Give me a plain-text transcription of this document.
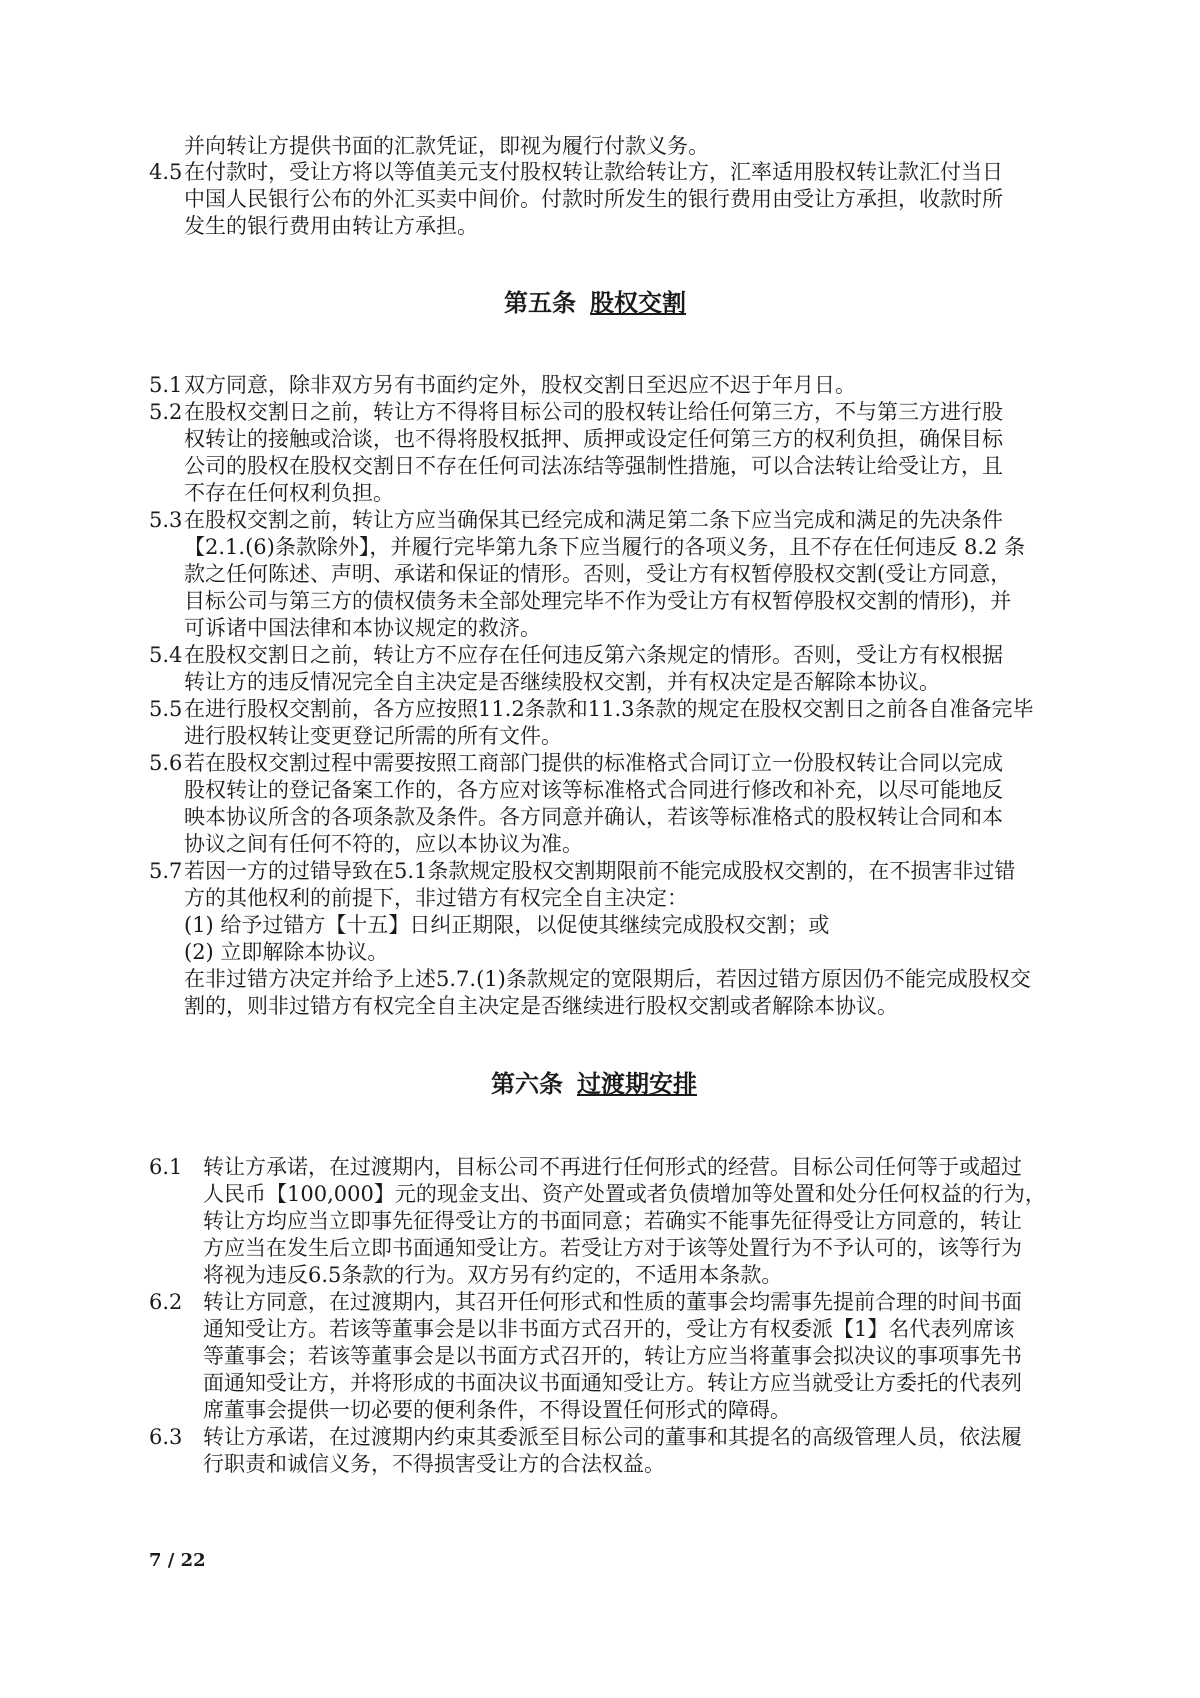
并向转让方提供书面的汇款凭证，即视为履行付款义务。
4.5 在付款时，受让方将以等值美元支付股权转让款给转让方，汇率适用股权转让款汇付当日
中国人民银行公布的外汇买卖中间价。付款时所发生的银行费用由受让方承担，收款时所
发生的银行费用由转让方承担。
第五条 股权交割
5.1 双方同意，除非双方另有书面约定外，股权交割日至迟应不迟于年月日。
5.2 在股权交割日之前，转让方不得将目标公司的股权转让给任何第三方，不与第三方进行股
权转让的接触或洽谈，也不得将股权抵押、质押或设定任何第三方的权利负担，确保目标
公司的股权在股权交割日不存在任何司法冻结等强制性措施，可以合法转让给受让方，且
不存在任何权利负担。
5.3 在股权交割之前，转让方应当确保其已经完成和满足第二条下应当完成和满足的先决条件
【2.1.(6)条款除外】，并履行完毕第九条下应当履行的各项义务，且不存在任何违反 8.2 条
款之任何陈述、声明、承诺和保证的情形。否则，受让方有权暂停股权交割(受让方同意，
目标公司与第三方的债权债务未全部处理完毕不作为受让方有权暂停股权交割的情形)，并
可诉诸中国法律和本协议规定的救济。
5.4 在股权交割日之前，转让方不应存在任何违反第六条规定的情形。否则，受让方有权根据
转让方的违反情况完全自主决定是否继续股权交割，并有权决定是否解除本协议。
5.5 在进行股权交割前，各方应按照11.2条款和11.3条款的规定在股权交割日之前各自准备完毕
进行股权转让变更登记所需的所有文件。
5.6 若在股权交割过程中需要按照工商部门提供的标准格式合同订立一份股权转让合同以完成
股权转让的登记备案工作的，各方应对该等标准格式合同进行修改和补充，以尽可能地反
映本协议所含的各项条款及条件。各方同意并确认，若该等标准格式的股权转让合同和本
协议之间有任何不符的，应以本协议为准。
5.7 若因一方的过错导致在5.1条款规定股权交割期限前不能完成股权交割的，在不损害非过错
方的其他权利的前提下，非过错方有权完全自主决定：
(1) 给予过错方【十五】日纠正期限，以促使其继续完成股权交割；或
(2) 立即解除本协议。
在非过错方决定并给予上述5.7.(1)条款规定的宽限期后，若因过错方原因仍不能完成股权交
割的，则非过错方有权完全自主决定是否继续进行股权交割或者解除本协议。
第六条 过渡期安排
6.1 转让方承诺，在过渡期内，目标公司不再进行任何形式的经营。目标公司任何等于或超过
人民币【100,000】元的现金支出、资产处置或者负债增加等处置和处分任何权益的行为，
转让方均应当立即事先征得受让方的书面同意；若确实不能事先征得受让方同意的，转让
方应当在发生后立即书面通知受让方。若受让方对于该等处置行为不予认可的，该等行为
将视为违反6.5条款的行为。双方另有约定的，不适用本条款。
6.2 转让方同意，在过渡期内，其召开任何形式和性质的董事会均需事先提前合理的时间书面
通知受让方。若该等董事会是以非书面方式召开的，受让方有权委派【1】名代表列席该
等董事会；若该等董事会是以书面方式召开的，转让方应当将董事会拟决议的事项事先书
面通知受让方，并将形成的书面决议书面通知受让方。转让方应当就受让方委托的代表列
席董事会提供一切必要的便利条件，不得设置任何形式的障碍。
6.3 转让方承诺，在过渡期内约束其委派至目标公司的董事和其提名的高级管理人员，依法履
行职责和诚信义务，不得损害受让方的合法权益。
7 / 22
